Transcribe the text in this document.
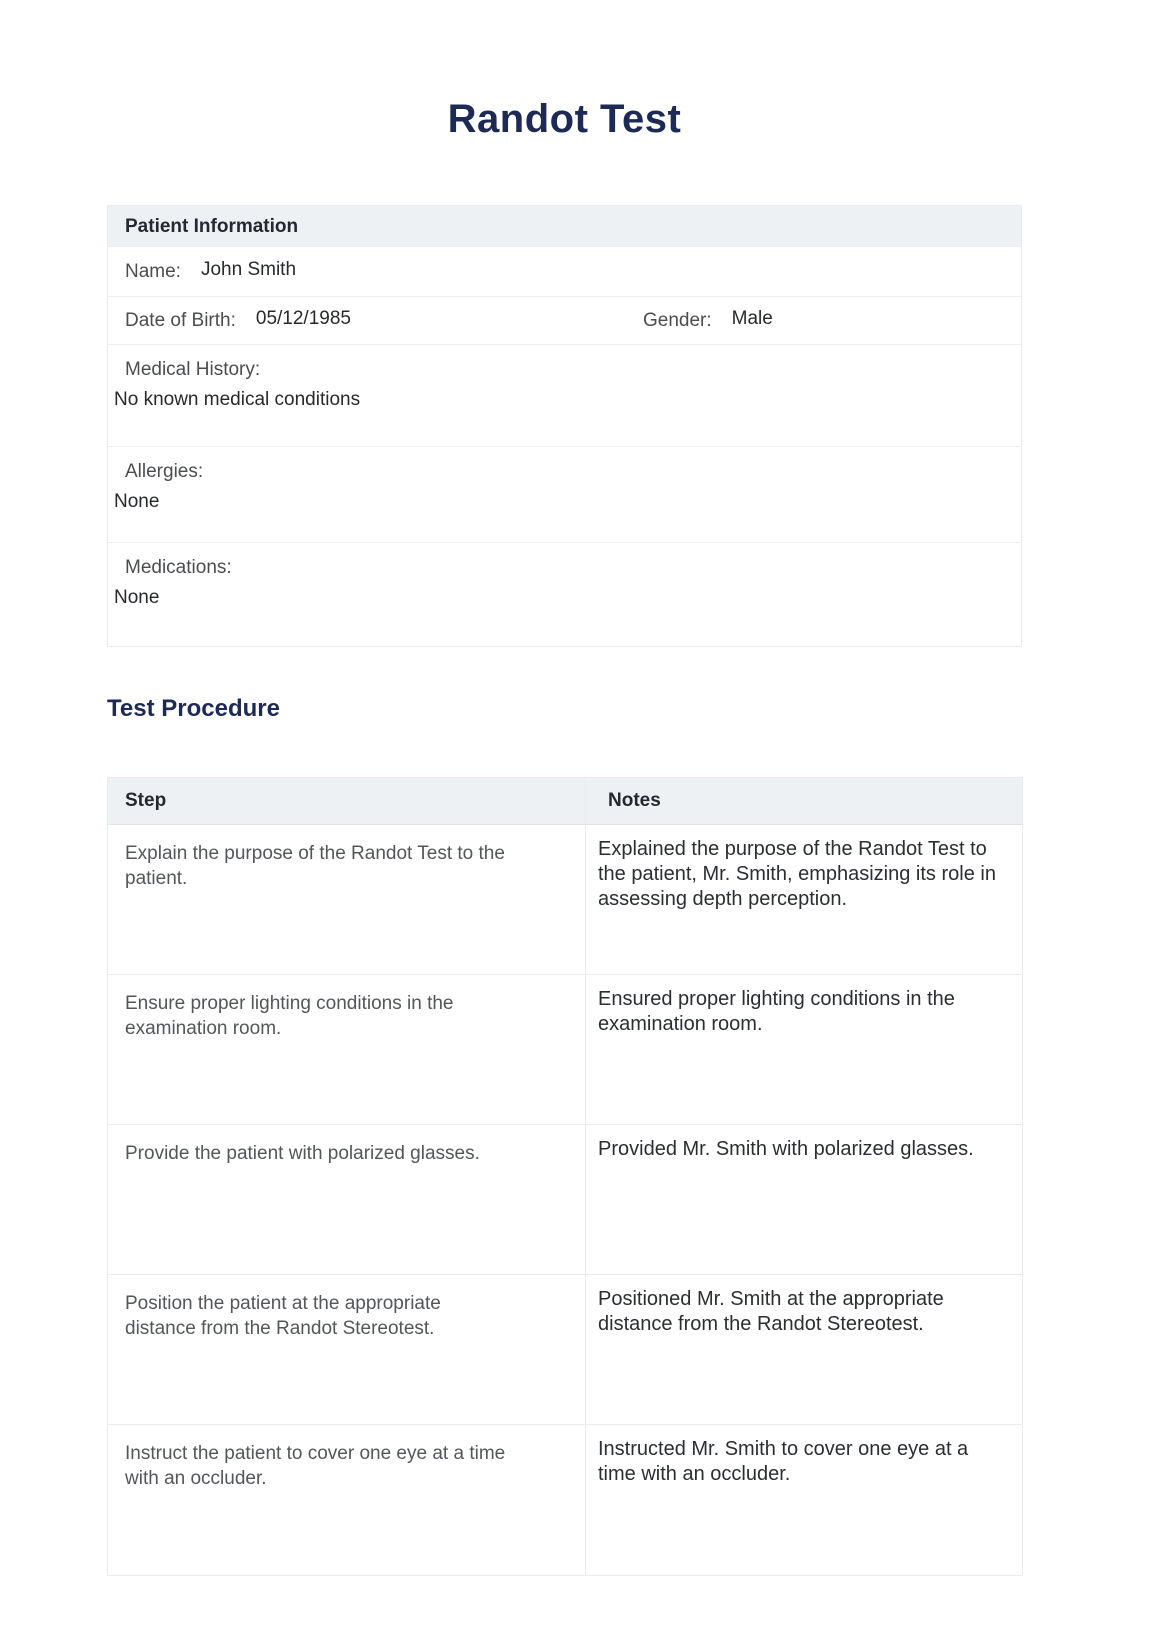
Randot Test
Patient Information
Name: John Smith
Date of Birth: 05/12/1985	Gender: Male
Medical History:
No known medical conditions
Allergies:
None
Medications:
None
Test Procedure
Step	Notes
Explain the purpose of the Randot Test to the patient.	Explained the purpose of the Randot Test to the patient, Mr. Smith, emphasizing its role in assessing depth perception.
Ensure proper lighting conditions in the examination room.	Ensured proper lighting conditions in the examination room.
Provide the patient with polarized glasses.	Provided Mr. Smith with polarized glasses.
Position the patient at the appropriate distance from the Randot Stereotest.	Positioned Mr. Smith at the appropriate distance from the Randot Stereotest.
Instruct the patient to cover one eye at a time with an occluder.	Instructed Mr. Smith to cover one eye at a time with an occluder.
